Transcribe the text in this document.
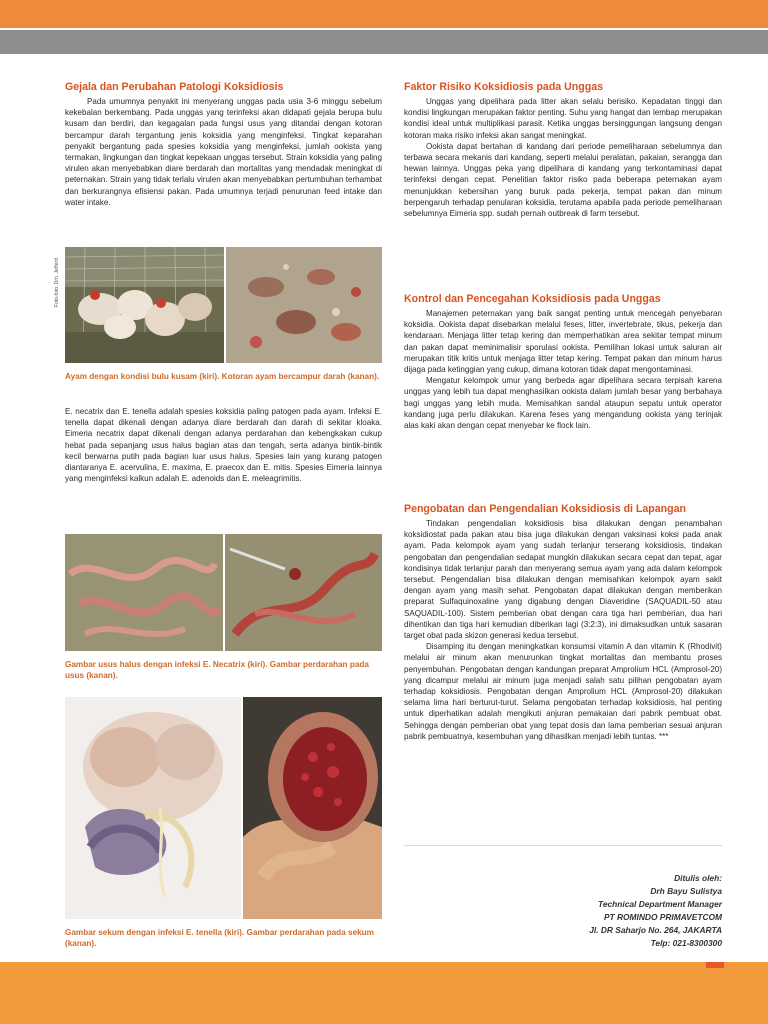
Gejala dan Perubahan Patologi Koksidiosis

Pada umumnya penyakit ini menyerang unggas pada usia 3-6 minggu sebelum kekebalan berkembang. Pada unggas yang terinfeksi akan didapati gejala berupa bulu kusam dan berdiri, dan kegagalan pada fungsi usus yang ditandai dengan kotoran bercampur darah tergantung jenis koksidia yang menginfeksi. Tingkat keparahan penyakit bergantung pada spesies koksidia yang menginfeksi, jumlah ookista yang termakan, lingkungan dan tingkat kepekaan unggas tersebut. Strain koksidia yang paling virulen akan menyebabkan diare berdarah dan mortalitas yang mendadak meningkat di peternakan. Strain yang tidak terlalu virulen akan menyebabkan pertumbuhan terhambat dan berkurangnya efisiensi pakan. Pada umumnya terjadi penurunan feed intake dan water intake.

Foto-foto: Drh. Jefferd
Ayam dengan kondisi bulu kusam (kiri). Kotoran ayam bercampur darah (kanan).

E. necatrix dan E. tenella adalah spesies koksidia paling patogen pada ayam. Infeksi E. tenella dapat dikenali dengan adanya diare berdarah dan darah di sekitar kloaka. Eimeria necatrix dapat dikenali dengan adanya perdarahan dan kebengkakan cukup hebat pada sepanjang usus halus bagian atas dan tengah, serta adanya bintik-bintik kecil berwarna putih pada bagian luar usus halus. Spesies lain yang kurang patogen diantaranya E. acervulina, E. maxima, E. praecox dan E. mitis. Spesies Eimeria lainnya yang menginfeksi kalkun adalah E. adenoids dan E. meleagrimitis.

Gambar usus halus dengan infeksi E. Necatrix (kiri). Gambar perdarahan pada usus (kanan).
Gambar sekum dengan infeksi E. tenella (kiri). Gambar perdarahan pada sekum (kanan).
Faktor Risiko Koksidiosis pada Unggas

Unggas yang dipelihara pada litter akan selalu berisiko. Kepadatan tinggi dan kondisi lingkungan merupakan faktor penting. Suhu yang hangat dan lembap merupakan kondisi ideal untuk multiplikasi parasit. Ketika unggas bersinggungan langsung dengan kotoran maka risiko infeksi akan sangat meningkat.

Ookista dapat bertahan di kandang dari periode pemeliharaan sebelumnya dan terbawa secara mekanis dari kandang, seperti melalui peralatan, pakaian, serangga dan hewan lainnya. Unggas peka yang dipelihara di kandang yang terkontaminasi dapat terinfeksi dengan cepat. Penelitian faktor risiko pada beberapa peternakan ayam menunjukkan kebersihan yang buruk pada pekerja, tempat pakan dan minum berpengaruh terhadap penularan koksidia, terutama apabila pada periode pemeliharaan sebelumnya Eimeria spp. sudah pernah outbreak di farm tersebut.

Kontrol dan Pencegahan Koksidiosis pada Unggas

Manajemen peternakan yang baik sangat penting untuk mencegah penyebaran koksidia. Ookista dapat disebarkan melalui feses, litter, invertebrate, tikus, pekerja dan kendaraan. Menjaga litter tetap kering dan memperhatikan area sekitar tempat minum dan pakan dapat meminimalisir sporulasi ookista. Pemilihan lokasi untuk saluran air merupakan titik kritis untuk menjaga litter tetap kering. Tempat pakan dan minum harus dijaga pada ketinggian yang cukup, dimana kotoran tidak dapat mengontaminasi.

Mengatur kelompok umur yang berbeda agar dipelihara secara terpisah karena unggas yang lebih tua dapat menghasilkan ookista dalam jumlah besar yang berbahaya bagi unggas yang lebih muda. Memisahkan sandal ataupun sepatu untuk operator kandang juga perlu dilakukan. Karena feses yang mengandung ookista yang terinjak alas kaki akan dengan cepat menyebar ke flock lain.

Pengobatan dan Pengendalian Koksidiosis di Lapangan

Tindakan pengendalian koksidiosis bisa dilakukan dengan penambahan koksidiostat pada pakan atau bisa juga dilakukan dengan vaksinasi koksi pada anak ayam. Pada kelompok ayam yang sudah terlanjur terserang koksidiosis, tindakan pengobatan dan pengendalian sedapat mungkin dilakukan secara cepat dan tepat, agar kondisinya tidak terlanjur parah dan menyerang semua ayam yang ada dalam kelompok tersebut. Pengendalian bisa dilakukan dengan memisahkan kelompok ayam sakit dengan ayam yang masih sehat. Pengobatan dapat dilakukan dengan memberikan preparat Sulfaquinoxaline yang digabung dengan Diaveridine (SAQUADIL-50 atau SAQUADIL-100). Sistem pemberian obat dengan cara tiga hari pemberian, dua hari dihentikan dan tiga hari kemudian diberikan lagi (3:2:3), ini dimaksudkan untuk sasaran target obat pada skizon generasi kedua tersebut.

Disamping itu dengan meningkatkan konsumsi vitamin A dan vitamin K (Rhodivit) melalui air minum akan menurunkan tingkat mortalitas dan membantu proses penyembuhan. Pengobatan dengan kandungan preparat Amprolium HCL (Amprosol-20) yang dicampur melalui air minum juga menjadi salah satu pilihan pengobatan ayam terhadap koksidiosis. Pengobatan dengan Amprolium HCL (Amprosol-20) dilakukan selama lima hari berturut-turut. Selama pengobatan terhadap koksidiosis, hal penting untuk diperhatikan adalah mengikuti anjuran pemakaian dari pabrik pembuat obat. Sehingga dengan pemberian obat yang tepat dosis dan lama pemberian sesuai anjuran pabrik pembuatnya, kesembuhan yang dihasilkan menjadi lebih tuntas. ***

Ditulis oleh:
Drh Bayu Sulistya
Technical Department Manager
PT ROMINDO PRIMAVETCOM
Jl. DR Saharjo No. 264, JAKARTA
Telp: 021-8300300
